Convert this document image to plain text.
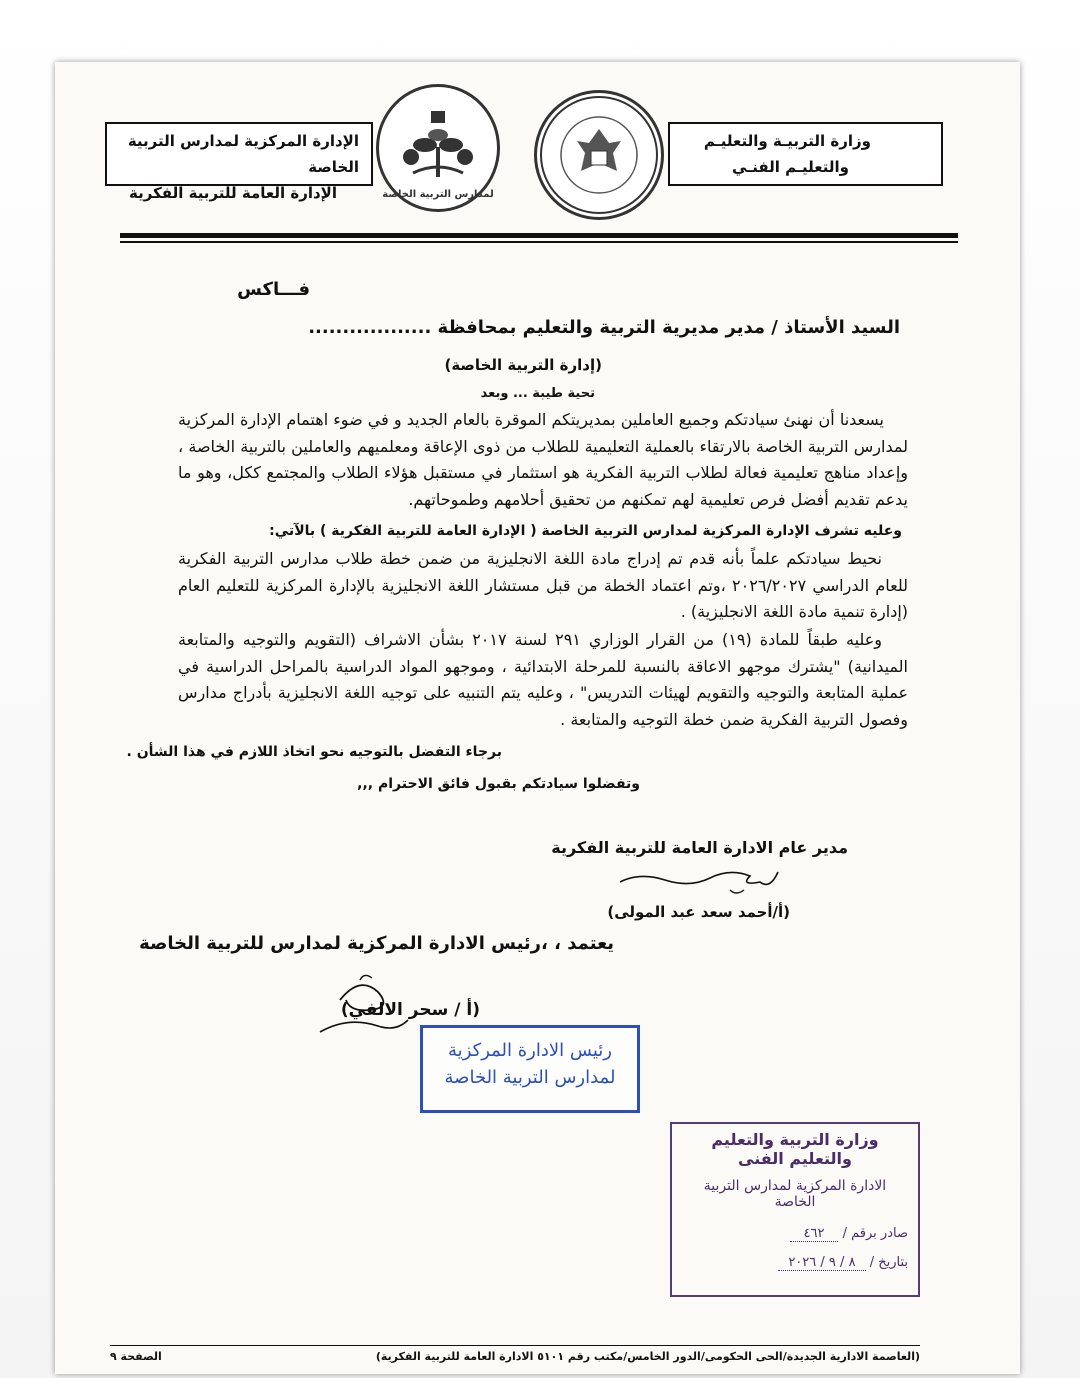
وزارة التربيـة والتعليـم
والتعليـم الفنـي
الإدارة المركزية لمدارس التربية الخاصة
الإدارة العامة للتربية الفكرية	لمدارس التربية الخاصة
فـــاكس
السيد الأستاذ / مدير مديرية التربية والتعليم بمحافظة ..................
(إدارة التربية الخاصة)
تحية طيبة ... وبعد
يسعدنا أن نهنئ سيادتكم وجميع العاملين بمديريتكم الموقرة بالعام الجديد و في ضوء اهتمام الإدارة المركزية لمدارس التربية الخاصة بالارتقاء بالعملية التعليمية للطلاب من ذوى الإعاقة ومعلميهم والعاملين بالتربية الخاصة ، وإعداد مناهج تعليمية فعالة لطلاب التربية الفكرية هو استثمار في مستقبل هؤلاء الطلاب والمجتمع ككل، وهو ما يدعم تقديم أفضل فرص تعليمية لهم تمكنهم من تحقيق أحلامهم وطموحاتهم.
وعليه تشرف الإدارة المركزية لمدارس التربية الخاصة ( الإدارة العامة للتربية الفكرية ) بالآتي:
نحيط سيادتكم علماً بأنه قدم تم إدراج مادة اللغة الانجليزية من ضمن خطة طلاب مدارس التربية الفكرية للعام الدراسي ٢٠٢٦/٢٠٢٧ ،وتم اعتماد الخطة من قبل مستشار اللغة الانجليزية بالإدارة المركزية للتعليم العام (إدارة تنمية مادة اللغة الانجليزية) .
وعليه طبقاً للمادة (١٩) من القرار الوزاري ٢٩١ لسنة ٢٠١٧ بشأن الاشراف (التقويم والتوجيه والمتابعة الميدانية) "يشترك موجهو الاعاقة بالنسبة للمرحلة الابتدائية ، وموجهو المواد الدراسية بالمراحل الدراسية في عملية المتابعة والتوجيه والتقويم لهيئات التدريس" ، وعليه يتم التنبيه على توجيه اللغة الانجليزية بأدراج مدارس وفصول التربية الفكرية ضمن خطة التوجيه والمتابعة .
برجاء التفضل بالتوجيه نحو اتخاذ اللازم في هذا الشأن .
وتفضلوا سيادتكم بقبول فائق الاحترام ,,,
مدير عام الادارة العامة للتربية الفكرية
(أ/أحمد سعد عبد المولى)
يعتمد ، ،رئيس الادارة المركزية لمدارس للتربية الخاصة
(أ / سحر الالفي)
رئيس الادارة المركزية
لمدارس التربية الخاصة
وزارة التربية والتعليم والتعليم الفنى
الادارة المركزية لمدارس التربية الخاصة
صادر برقم / ٤٦٢
بتاريخ / ٨ / ٩ / ٢٠٢٦
(العاصمة الادارية الجديدة/الحى الحكومى/الدور الخامس/مكتب رقم ٥١٠١ الادارة العامة للتربية الفكرية)
الصفحة ٩
